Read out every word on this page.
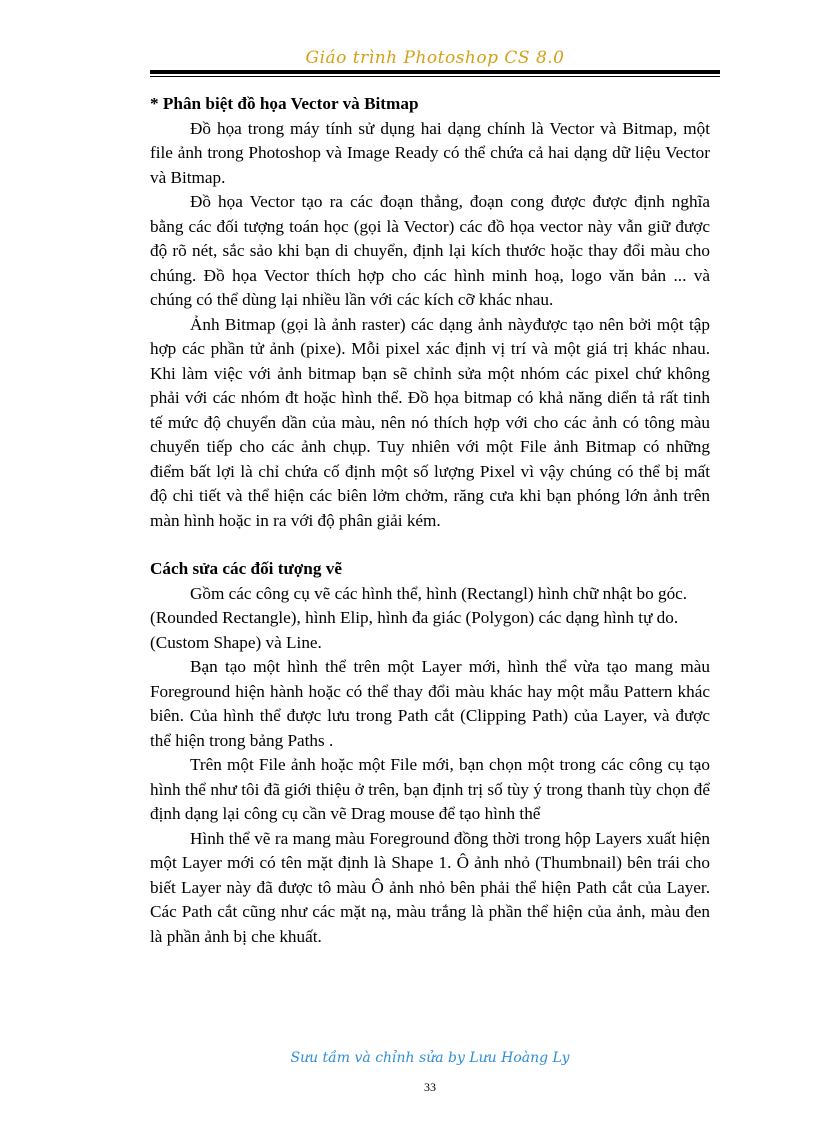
Giáo trình Photoshop CS 8.0
* Phân biệt đồ họa Vector và Bitmap

Đồ họa trong máy tính sử dụng hai dạng chính là Vector và Bitmap, một file ảnh trong Photoshop và Image Ready có thể chứa cả hai dạng dữ liệu Vector và Bitmap.

Đồ họa Vector tạo ra các đoạn thẳng, đoạn cong được được định nghĩa bằng các đối tượng toán học (gọi là Vector) các đồ họa vector này vẫn giữ được độ rõ nét, sắc sảo khi bạn di chuyển, định lại kích thước hoặc thay đổi màu cho chúng. Đồ họa Vector thích hợp cho các hình minh hoạ, logo văn bản ... và chúng có thể dùng lại nhiều lần với các kích cỡ khác nhau.

Ảnh Bitmap (gọi là ảnh raster) các dạng ảnh nàyđược tạo nên bởi một tập hợp các phần tử ảnh (pixe). Mỗi pixel xác định vị trí và một giá trị khác nhau. Khi làm việc với ảnh bitmap bạn sẽ chỉnh sửa một nhóm các pixel chứ không phải với các nhóm đt hoặc hình thể. Đồ họa bitmap có khả năng diển tả rất tinh tế mức độ chuyển dần của màu, nên nó thích hợp với cho các ảnh có tông màu chuyển tiếp cho các ảnh chụp. Tuy nhiên với một File ảnh Bitmap có những điểm bất lợi là chỉ chứa cố định một số lượng Pixel vì vậy chúng có thể bị mất độ chi tiết và thể hiện các biên lởm chởm, răng cưa khi bạn phóng lớn ảnh trên màn hình hoặc in ra với độ phân giải kém.

Cách sửa các đối tượng vẽ

Gồm các công cụ vẽ các hình thể, hình (Rectangl) hình chữ nhật bo góc.

(Rounded Rectangle), hình Elip, hình đa giác (Polygon) các dạng hình tự do.

(Custom Shape) và Line.

Bạn tạo một hình thể trên một Layer mới, hình thể vừa tạo mang màu Foreground hiện hành hoặc có thể thay đổi màu khác hay một mẫu Pattern khác biên. Của hình thể được lưu trong Path cắt (Clipping Path) của Layer, và được thể hiện trong bảng Paths .

Trên một File ảnh hoặc một File mới, bạn chọn một trong các công cụ tạo hình thể như tôi đã giới thiệu ở trên, bạn định trị số tùy ý trong thanh tùy chọn để định dạng lại công cụ cần vẽ Drag mouse để tạo hình thể

Hình thể vẽ ra mang màu Foreground đồng thời trong hộp Layers xuất hiện một Layer mới có tên mặt định là Shape 1. Ô ảnh nhỏ (Thumbnail) bên trái cho biết Layer này đã được tô màu Ô ảnh nhỏ bên phải thể hiện Path cắt của Layer. Các Path cắt cũng như các mặt nạ, màu trắng là phần thể hiện của ảnh, màu đen là phần ảnh bị che khuất.

Sưu tầm và chỉnh sửa by Lưu Hoàng Ly
33
